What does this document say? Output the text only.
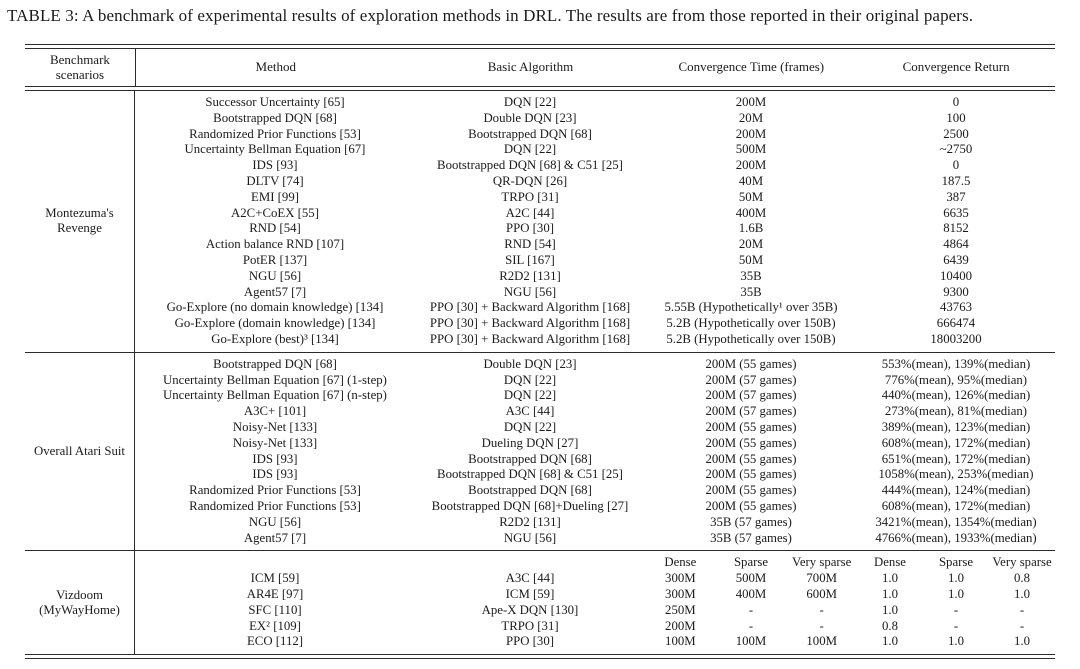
TABLE 3: A benchmark of experimental results of exploration methods in DRL. The results are from those reported in their original papers.
Benchmark scenarios	Method	Basic Algorithm	Convergence Time (frames)	Convergence Return
Montezuma's Revenge
Successor Uncertainty [65]	DQN [22]	200M	0
Bootstrapped DQN [68]	Double DQN [23]	20M	100
Randomized Prior Functions [53]	Bootstrapped DQN [68]	200M	2500
Uncertainty Bellman Equation [67]	DQN [22]	500M	~2750
IDS [93]	Bootstrapped DQN [68] & C51 [25]	200M	0
DLTV [74]	QR-DQN [26]	40M	187.5
EMI [99]	TRPO [31]	50M	387
A2C+CoEX [55]	A2C [44]	400M	6635
RND [54]	PPO [30]	1.6B	8152
Action balance RND [107]	RND [54]	20M	4864
PotER [137]	SIL [167]	50M	6439
NGU [56]	R2D2 [131]	35B	10400
Agent57 [7]	NGU [56]	35B	9300
Go-Explore (no domain knowledge) [134]	PPO [30] + Backward Algorithm [168]	5.55B (Hypothetically¹ over 35B)	43763
Go-Explore (domain knowledge) [134]	PPO [30] + Backward Algorithm [168]	5.2B (Hypothetically over 150B)	666474
Go-Explore (best)³ [134]	PPO [30] + Backward Algorithm [168]	5.2B (Hypothetically over 150B)	18003200
Overall Atari Suit
Bootstrapped DQN [68]	Double DQN [23]	200M (55 games)	553%(mean), 139%(median)
Uncertainty Bellman Equation [67] (1-step)	DQN [22]	200M (57 games)	776%(mean), 95%(median)
Uncertainty Bellman Equation [67] (n-step)	DQN [22]	200M (57 games)	440%(mean), 126%(median)
A3C+ [101]	A3C [44]	200M (57 games)	273%(mean), 81%(median)
Noisy-Net [133]	DQN [22]	200M (55 games)	389%(mean), 123%(median)
Noisy-Net [133]	Dueling DQN [27]	200M (55 games)	608%(mean), 172%(median)
IDS [93]	Bootstrapped DQN [68]	200M (55 games)	651%(mean), 172%(median)
IDS [93]	Bootstrapped DQN [68] & C51 [25]	200M (55 games)	1058%(mean), 253%(median)
Randomized Prior Functions [53]	Bootstrapped DQN [68]	200M (55 games)	444%(mean), 124%(median)
Randomized Prior Functions [53]	Bootstrapped DQN [68]+Dueling [27]	200M (55 games)	608%(mean), 172%(median)
NGU [56]	R2D2 [131]	35B (57 games)	3421%(mean), 1354%(median)
Agent57 [7]	NGU [56]	35B (57 games)	4766%(mean), 1933%(median)
Vizdoom (MyWayHome)

Dense	Sparse	Very sparse	Dense	Sparse	Very sparse
ICM [59]	A3C [44]	300M	500M	700M	1.0	1.0	0.8
AR4E [97]	ICM [59]	300M	400M	600M	1.0	1.0	1.0
SFC [110]	Ape-X DQN [130]	250M	-	-	1.0	-	-
EX² [109]	TRPO [31]	200M	-	-	0.8	-	-
ECO [112]	PPO [30]	100M	100M	100M	1.0	1.0	1.0
